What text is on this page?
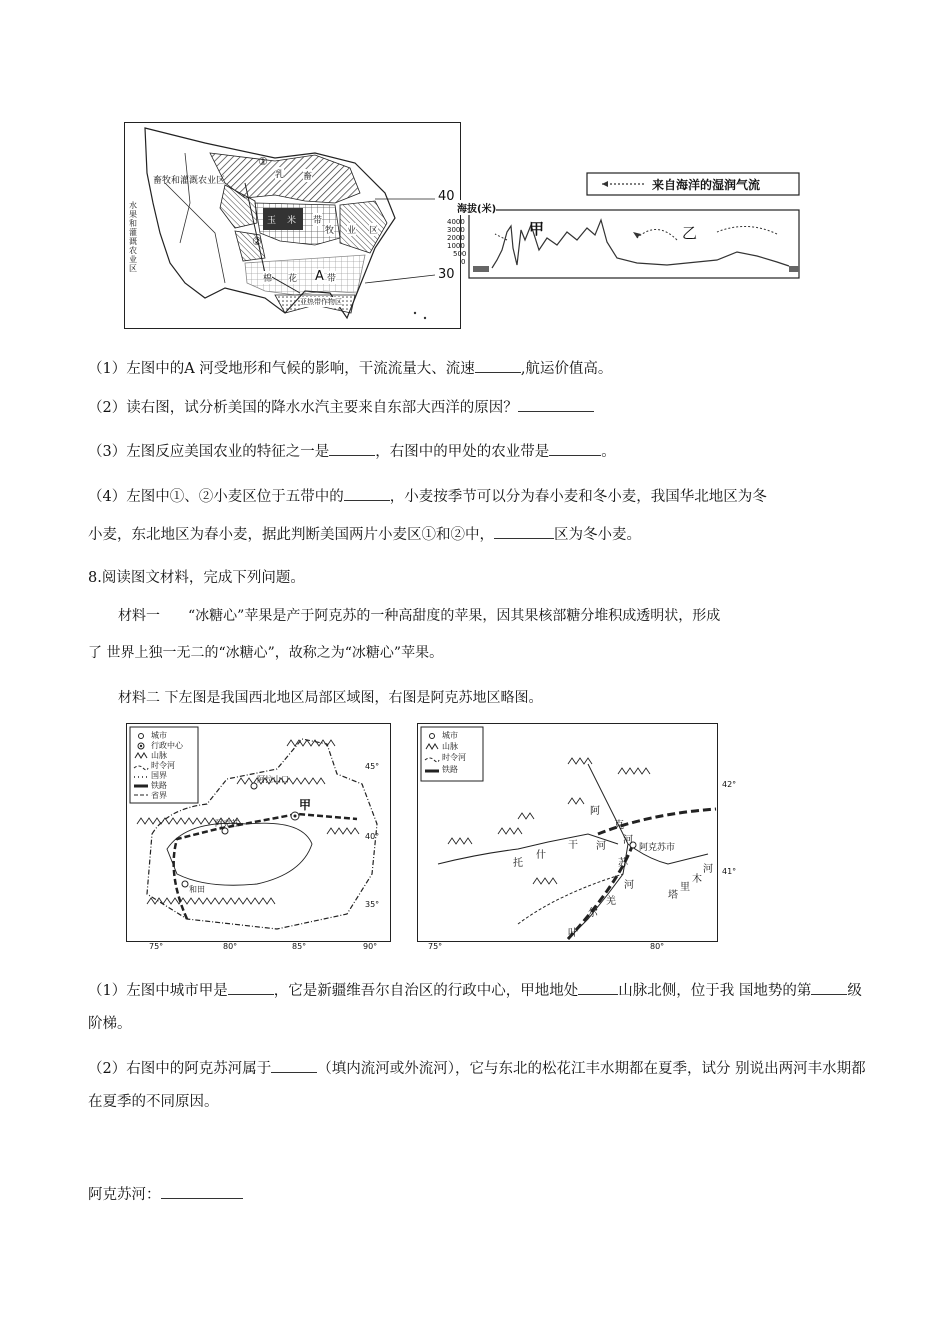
畜牧和灌溉农业区
水果和灌溉农业区
40
30
A
①
②
玉 米 带
棉 花	带
乳 畜
牧 业 区
亚热带作物区
来自海洋的湿润气流
海拔(米)
4000
3000
2000
1000
500
0
甲	乙
（1）左图中的A 河受地形和气候的影响，干流流量大、流速	,航运价值高。
（2）读右图，试分析美国的降水水汽主要来自东部大西洋的原因？
（3）左图反应美国农业的特征之一是	，右图中的甲处的农业带是	。
（4）左图中①、②小麦区位于五带中的	，小麦按季节可以分为春小麦和冬小麦，我国华北地区为冬
小麦，东北地区为春小麦，据此判断美国两片小麦区①和②中，	区为冬小麦。
8.阅读图文材料，完成下列问题。
材料一　　“冰糖心”苹果是产于阿克苏的一种高甜度的苹果，因其果核部糖分堆积成透明状，形成
了 世界上独一无二的“冰糖心”，故称之为“冰糖心”苹果。
材料二 下左图是我国西北地区局部区域图，右图是阿克苏地区略图。
城市
行政中心
山脉
时令河
国界
铁路
省界
阿拉山口
阿克苏
和田
甲
45°
40°
35°
75°	80°	85°	90°
城市
山脉
时令河
铁路
阿克苏市
阿
克
苏
河
托
什
干 河
塔
里
木
河
叶
尔
羌
河
42°
41°
75°	80°
（1）左图中城市甲是	，它是新疆维吾尔自治区的行政中心，甲地地处	山脉北侧，位于我 国地势的第 级阶梯。
（2）右图中的阿克苏河属于	（填内流河或外流河），它与东北的松花江丰水期都在夏季，试分 别说出两河丰水期都在夏季的不同原因。
阿克苏河：
